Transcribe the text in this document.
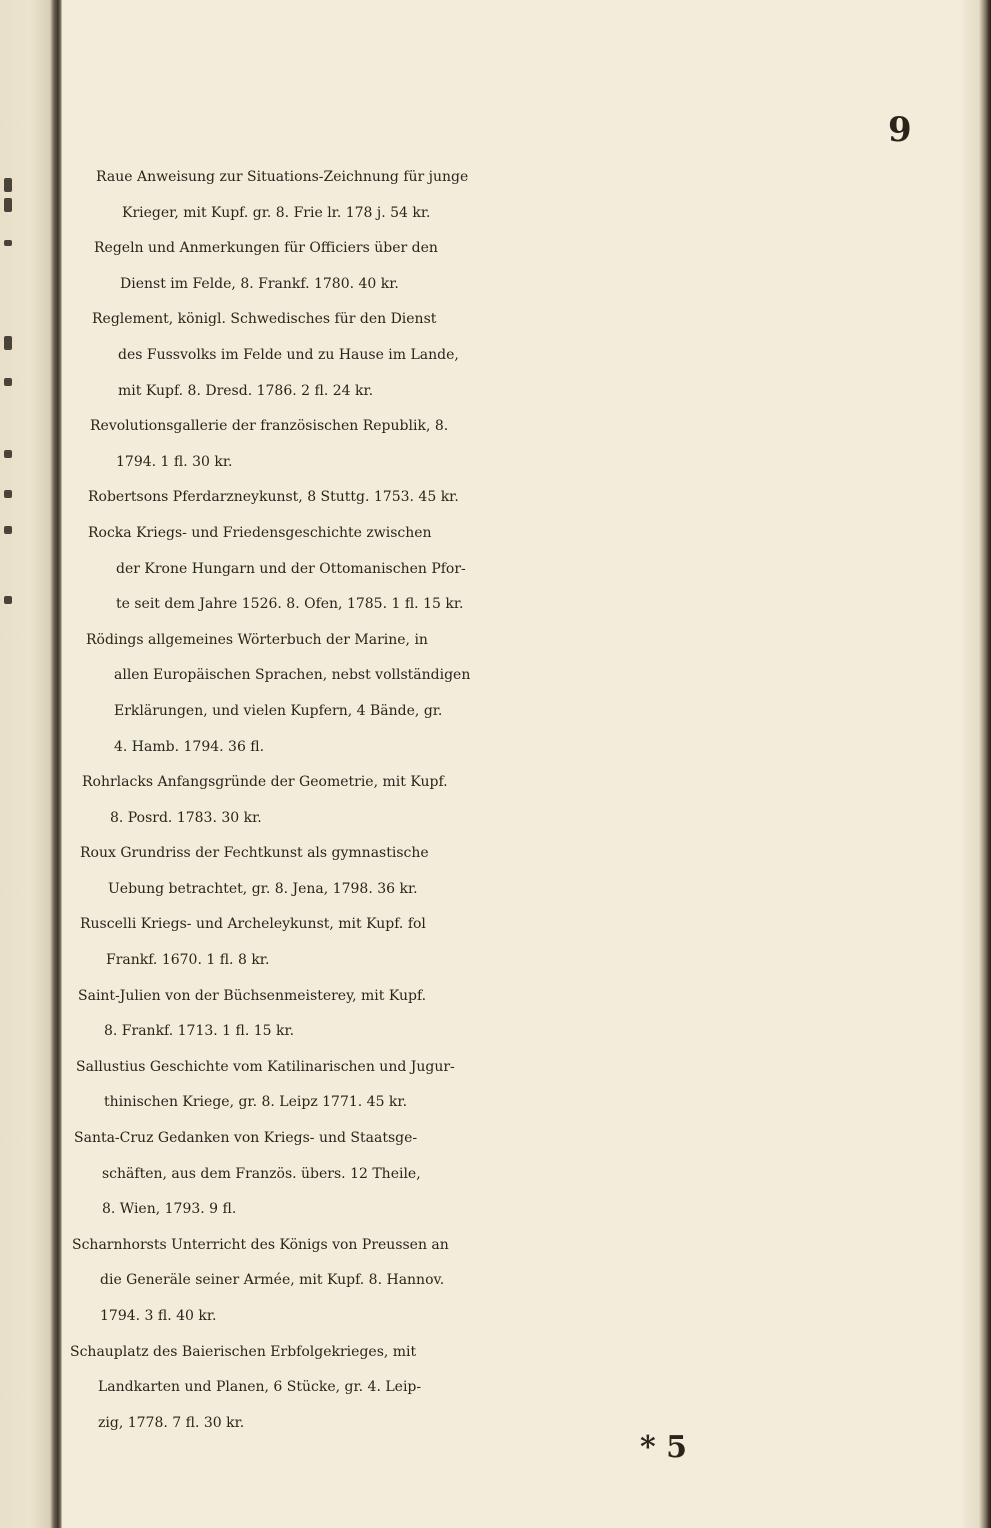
9
Raue Anweisung zur Situations-Zeichnung für junge
Krieger, mit Kupf. gr. 8. Frie lr. 178 j. 54 kr.
Regeln und Anmerkungen für Officiers über den
Dienst im Felde, 8. Frankf. 1780. 40 kr.
Reglement, königl. Schwedisches für den Dienst
des Fussvolks im Felde und zu Hause im Lande,
mit Kupf. 8. Dresd. 1786. 2 fl. 24 kr.
Revolutionsgallerie der französischen Republik, 8.
1794. 1 fl. 30 kr.
Robertsons Pferdarzneykunst, 8 Stuttg. 1753. 45 kr.
Rocka Kriegs- und Friedensgeschichte zwischen
der Krone Hungarn und der Ottomanischen Pfor-
te seit dem Jahre 1526. 8. Ofen, 1785. 1 fl. 15 kr.
Rödings allgemeines Wörterbuch der Marine, in
allen Europäischen Sprachen, nebst vollständigen
Erklärungen, und vielen Kupfern, 4 Bände, gr.
4. Hamb. 1794. 36 fl.
Rohrlacks Anfangsgründe der Geometrie, mit Kupf.
8. Posrd. 1783. 30 kr.
Roux Grundriss der Fechtkunst als gymnastische
Uebung betrachtet, gr. 8. Jena, 1798. 36 kr.
Ruscelli Kriegs- und Archeleykunst, mit Kupf. fol
Frankf. 1670. 1 fl. 8 kr.
Saint-Julien von der Büchsenmeisterey, mit Kupf.
8. Frankf. 1713. 1 fl. 15 kr.
Sallustius Geschichte vom Katilinarischen und Jugur-
thinischen Kriege, gr. 8. Leipz 1771. 45 kr.
Santa-Cruz Gedanken von Kriegs- und Staatsge-
schäften, aus dem Französ. übers. 12 Theile,
8. Wien, 1793. 9 fl.
Scharnhorsts Unterricht des Königs von Preussen an
die Generäle seiner Armée, mit Kupf. 8. Hannov.
1794. 3 fl. 40 kr.
Schauplatz des Baierischen Erbfolgekrieges, mit
Landkarten und Planen, 6 Stücke, gr. 4. Leip-
zig, 1778. 7 fl. 30 kr.
* 5
